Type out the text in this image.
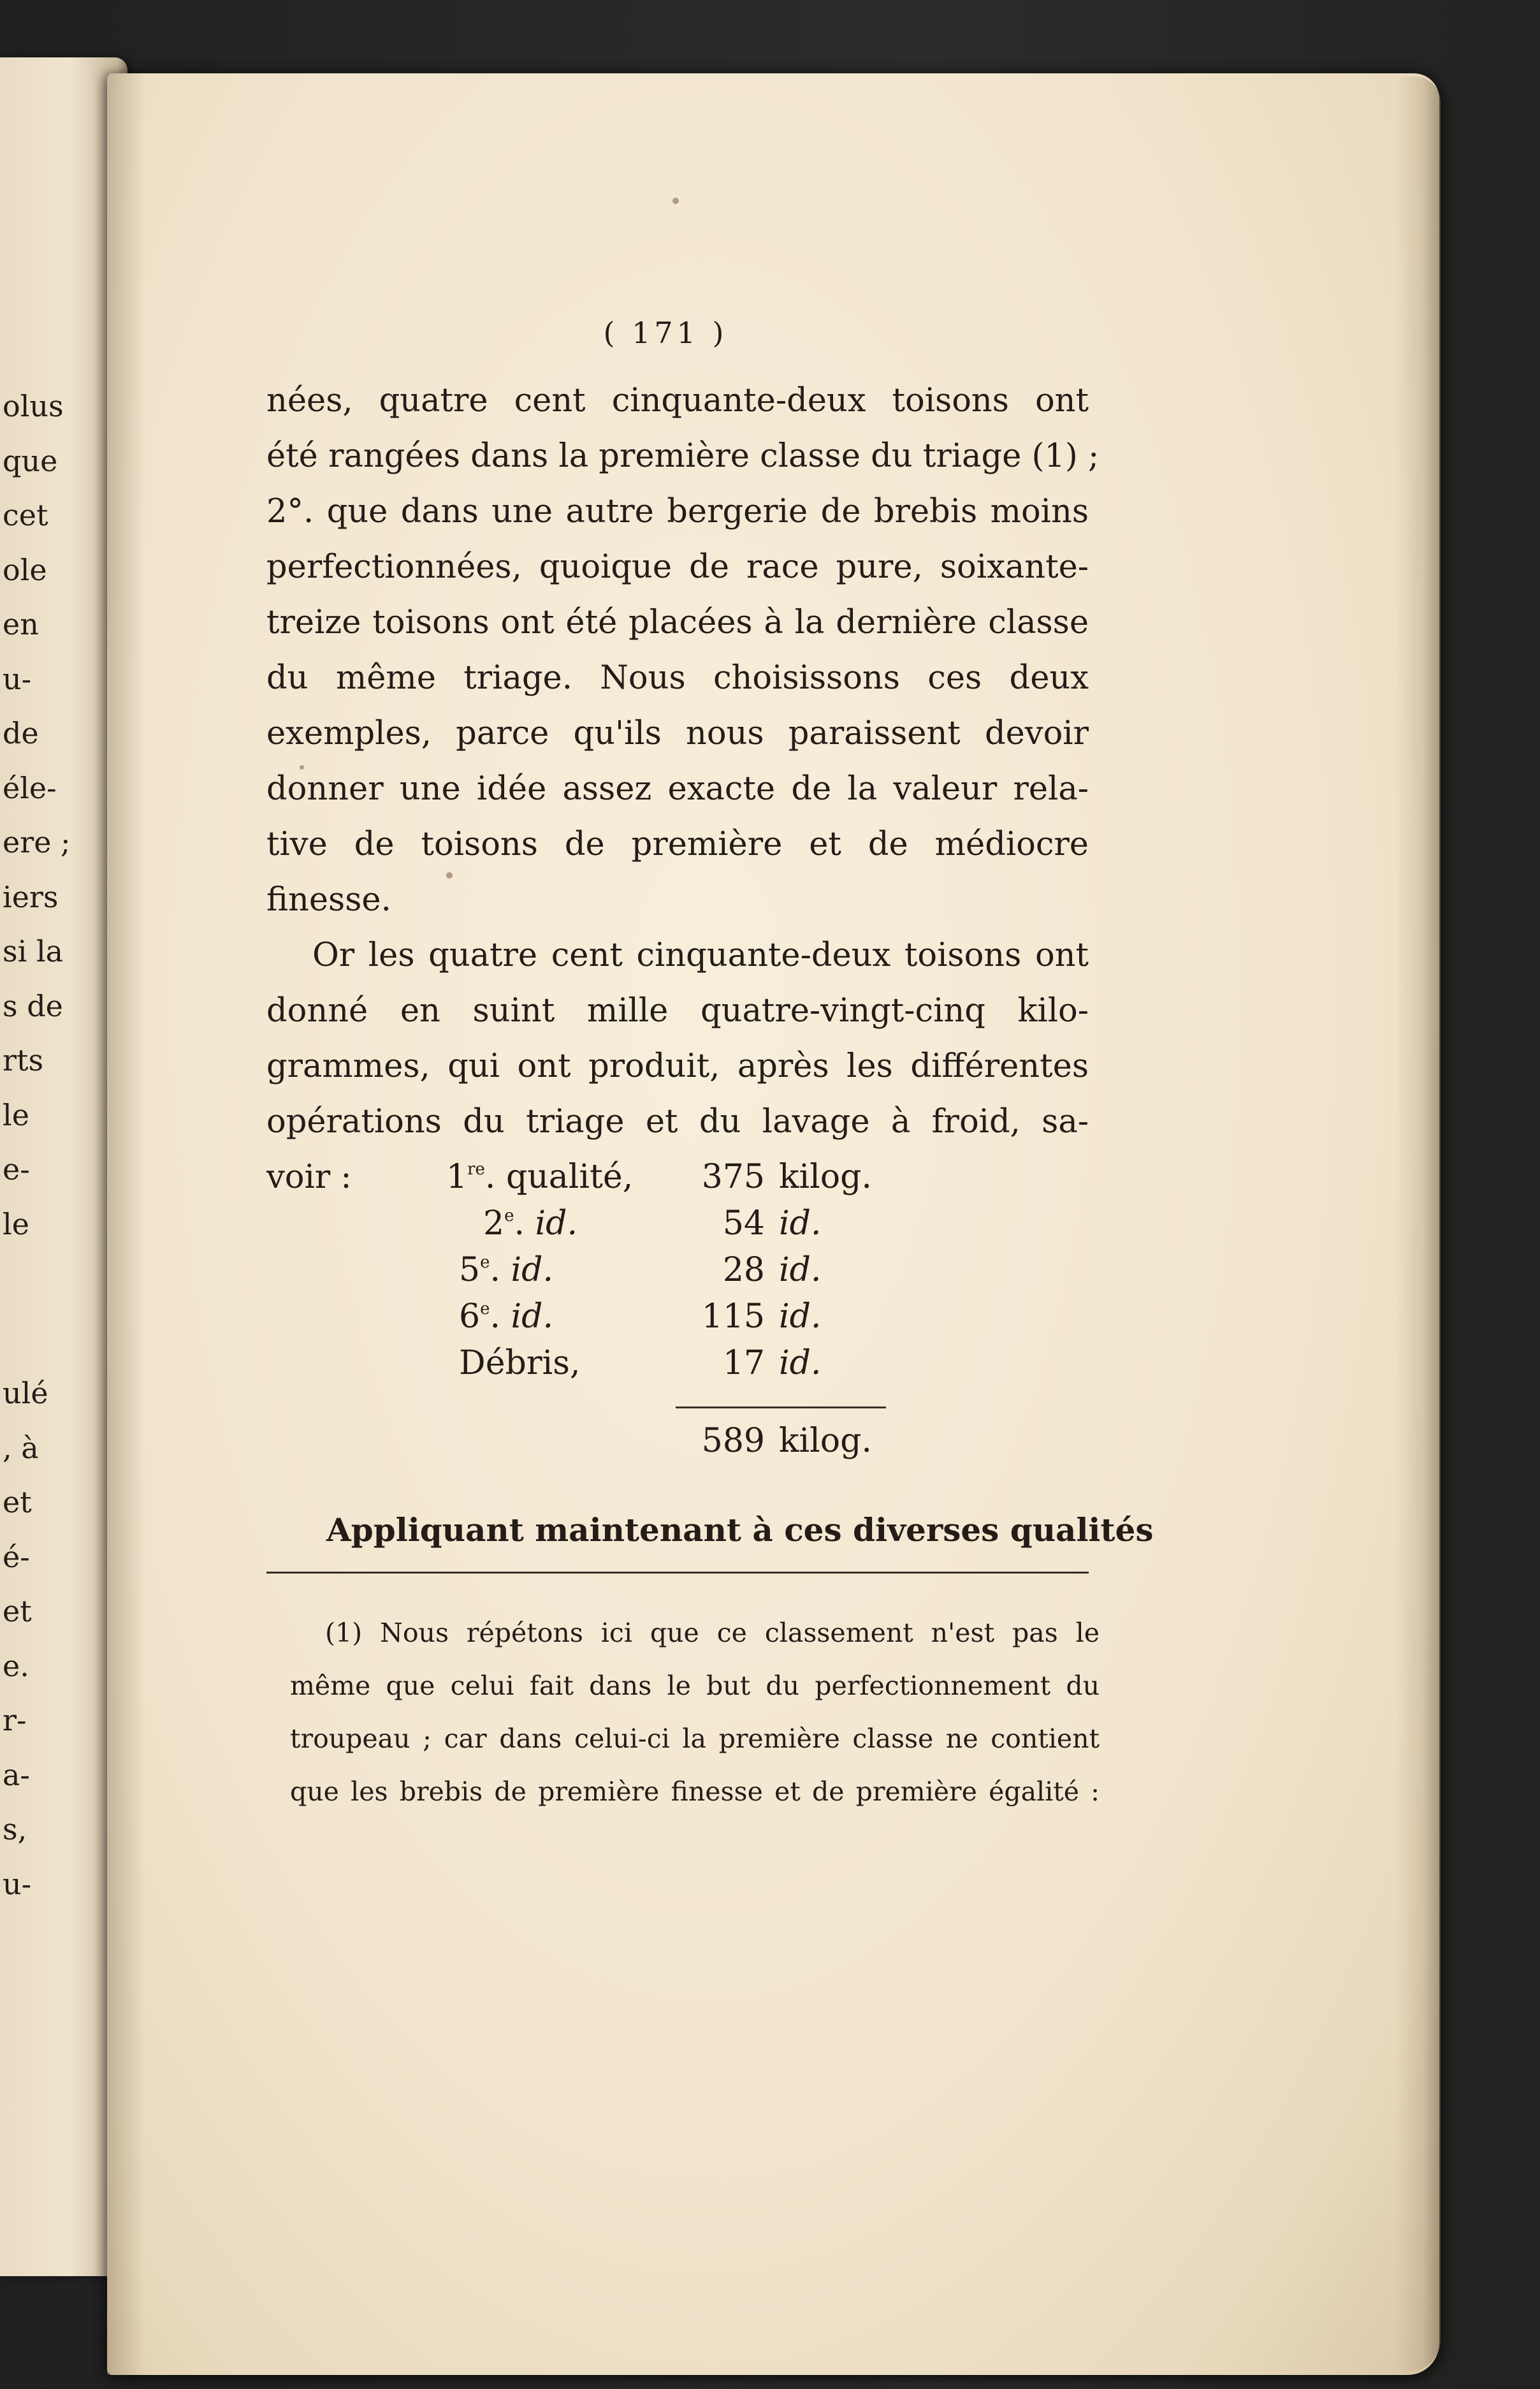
olus
que
cet
ole
en
u-
de
éle-
ere ;
iers
si la
s de
rts
le
e-
le
ulé
, à
et
é-
et
e.
r-
a-
s,
u-
( 171 )
nées, quatre cent cinquante-deux toisons ont
été rangées dans la première classe du triage (1) ;
2°. que dans une autre bergerie de brebis moins
perfectionnées, quoique de race pure, soixante-
treize toisons ont été placées à la dernière classe
du même triage. Nous choisissons ces deux
exemples, parce qu'ils nous paraissent devoir
donner une idée assez exacte de la valeur rela-
tive de toisons de première et de médiocre
finesse.
Or les quatre cent cinquante-deux toisons ont
donné en suint mille quatre-vingt-cinq kilo-
grammes, qui ont produit, après les différentes
opérations du triage et du lavage à froid, sa-
voir :	1re. qualité,	375 kilog.
2e. id.	54 id.
5e. id.	28 id.
6e. id.	115 id.
Débris,	17 id.
589 kilog.
Appliquant maintenant à ces diverses qualités
(1) Nous répétons ici que ce classement n'est pas le
même que celui fait dans le but du perfectionnement du
troupeau ; car dans celui-ci la première classe ne contient
que les brebis de première finesse et de première égalité :
